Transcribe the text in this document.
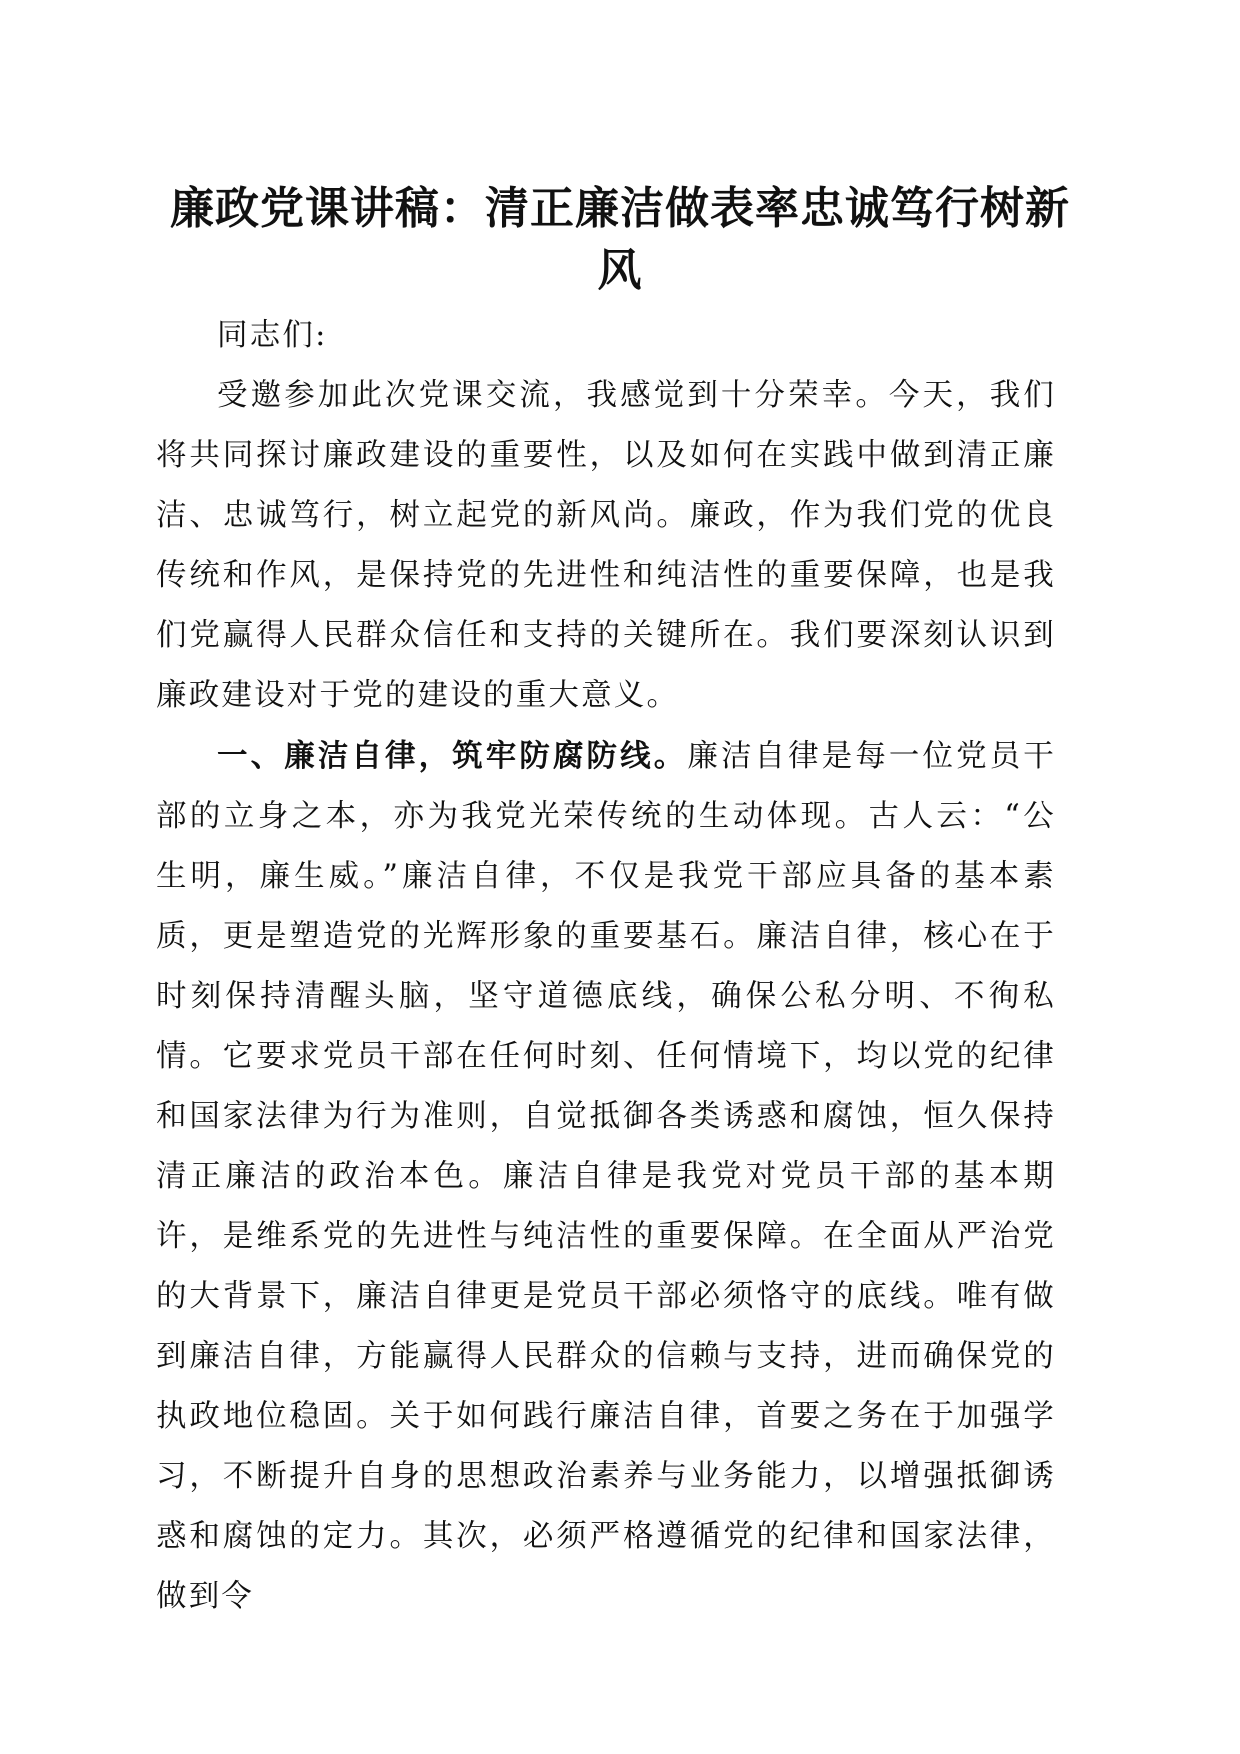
廉政党课讲稿：清正廉洁做表率忠诚笃行树新风

同志们:

受邀参加此次党课交流，我感觉到十分荣幸。今天，我们将共同探讨廉政建设的重要性，以及如何在实践中做到清正廉洁、忠诚笃行，树立起党的新风尚。廉政，作为我们党的优良传统和作风，是保持党的先进性和纯洁性的重要保障，也是我们党赢得人民群众信任和支持的关键所在。我们要深刻认识到廉政建设对于党的建设的重大意义。

一、廉洁自律，筑牢防腐防线。廉洁自律是每一位党员干部的立身之本，亦为我党光荣传统的生动体现。古人云：“公生明，廉生威。”廉洁自律，不仅是我党干部应具备的基本素质，更是塑造党的光辉形象的重要基石。廉洁自律，核心在于时刻保持清醒头脑，坚守道德底线，确保公私分明、不徇私情。它要求党员干部在任何时刻、任何情境下，均以党的纪律和国家法律为行为准则，自觉抵御各类诱惑和腐蚀，恒久保持清正廉洁的政治本色。廉洁自律是我党对党员干部的基本期许，是维系党的先进性与纯洁性的重要保障。在全面从严治党的大背景下，廉洁自律更是党员干部必须恪守的底线。唯有做到廉洁自律，方能赢得人民群众的信赖与支持，进而确保党的执政地位稳固。关于如何践行廉洁自律，首要之务在于加强学习，不断提升自身的思想政治素养与业务能力，以增强抵御诱惑和腐蚀的定力。其次，必须严格遵循党的纪律和国家法律，做到令
